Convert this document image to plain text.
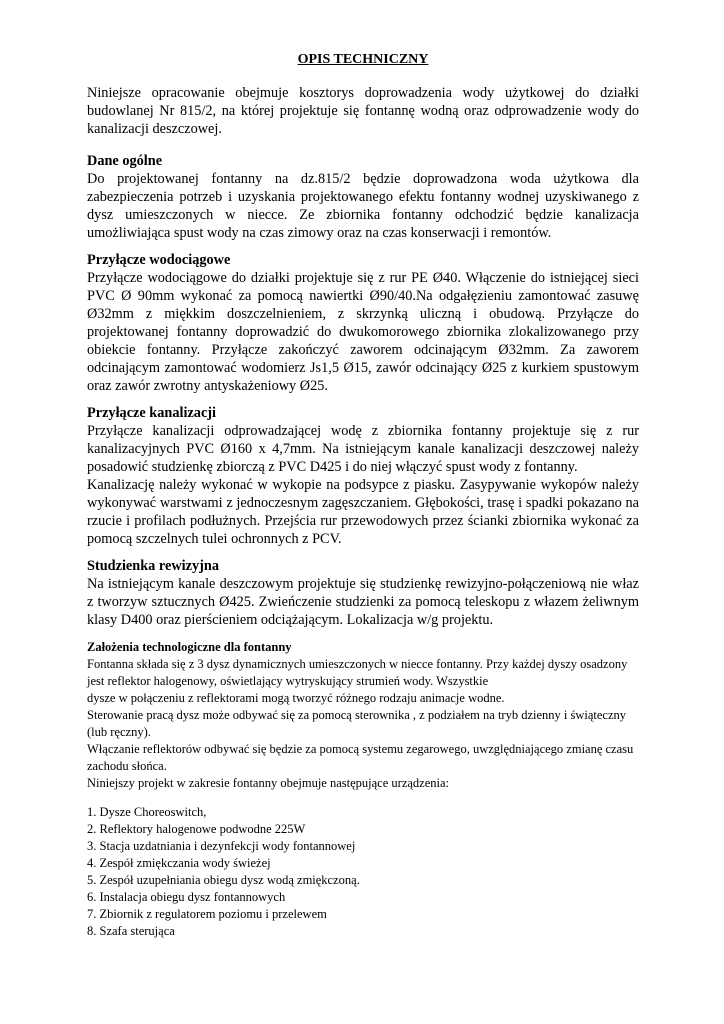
OPIS TECHNICZNY
Niniejsze opracowanie obejmuje kosztorys doprowadzenia wody użytkowej do działki budowlanej Nr 815/2, na której projektuje się fontannę wodną oraz odprowadzenie wody do kanalizacji deszczowej.
Dane ogólne
Do projektowanej fontanny na dz.815/2 będzie doprowadzona woda użytkowa dla zabezpieczenia potrzeb i uzyskania projektowanego efektu fontanny wodnej uzyskiwanego z dysz umieszczonych w niecce. Ze zbiornika fontanny odchodzić będzie kanalizacja umożliwiająca spust wody na czas zimowy oraz na czas konserwacji i remontów.
Przyłącze wodociągowe
Przyłącze wodociągowe do działki projektuje się z rur PE Ø40. Włączenie do istniejącej sieci PVC Ø 90mm wykonać za pomocą nawiertki Ø90/40.Na odgałęzieniu zamontować zasuwę Ø32mm z miękkim doszczelnieniem, z skrzynką uliczną i obudową. Przyłącze do projektowanej fontanny doprowadzić do dwukomorowego zbiornika zlokalizowanego przy obiekcie fontanny. Przyłącze zakończyć zaworem odcinającym Ø32mm. Za zaworem odcinającym zamontować wodomierz Js1,5 Ø15, zawór odcinający Ø25 z kurkiem spustowym oraz zawór zwrotny antyskażeniowy Ø25.
Przyłącze kanalizacji
Przyłącze kanalizacji odprowadzającej wodę z zbiornika fontanny projektuje się z rur kanalizacyjnych PVC Ø160 x 4,7mm. Na istniejącym kanale kanalizacji deszczowej należy posadowić studzienkę zbiorczą z PVC D425 i do niej włączyć spust wody z fontanny.
Kanalizację należy wykonać w wykopie na podsypce z piasku. Zasypywanie wykopów należy wykonywać warstwami z jednoczesnym zagęszczaniem. Głębokości, trasę i spadki pokazano na rzucie i profilach podłużnych. Przejścia rur przewodowych przez ścianki zbiornika wykonać za pomocą szczelnych tulei ochronnych z PCV.
Studzienka rewizyjna
Na istniejącym kanale deszczowym projektuje się studzienkę rewizyjno-połączeniową nie właz z tworzyw sztucznych Ø425. Zwieńczenie studzienki za pomocą teleskopu z włazem żeliwnym klasy D400 oraz pierścieniem odciążającym. Lokalizacja w/g projektu.
Założenia technologiczne dla fontanny
Fontanna składa się z 3 dysz dynamicznych umieszczonych w niecce fontanny. Przy każdej dyszy osadzony jest reflektor halogenowy, oświetlający wytryskujący strumień wody. Wszystkie
dysze w połączeniu z reflektorami mogą tworzyć różnego rodzaju animacje wodne.
Sterowanie pracą dysz może odbywać się za pomocą sterownika , z podziałem na tryb dzienny i świąteczny (lub ręczny).
Włączanie reflektorów odbywać się będzie za pomocą systemu zegarowego, uwzględniającego zmianę czasu zachodu słońca.
Niniejszy projekt w zakresie fontanny obejmuje następujące urządzenia:
1. Dysze Choreoswitch,
2. Reflektory halogenowe podwodne 225W
3. Stacja uzdatniania i dezynfekcji wody fontannowej
4. Zespół zmiękczania wody świeżej
5. Zespół uzupełniania obiegu dysz wodą zmiękczoną.
6. Instalacja obiegu dysz fontannowych
7. Zbiornik z regulatorem poziomu i przelewem
8. Szafa sterująca
